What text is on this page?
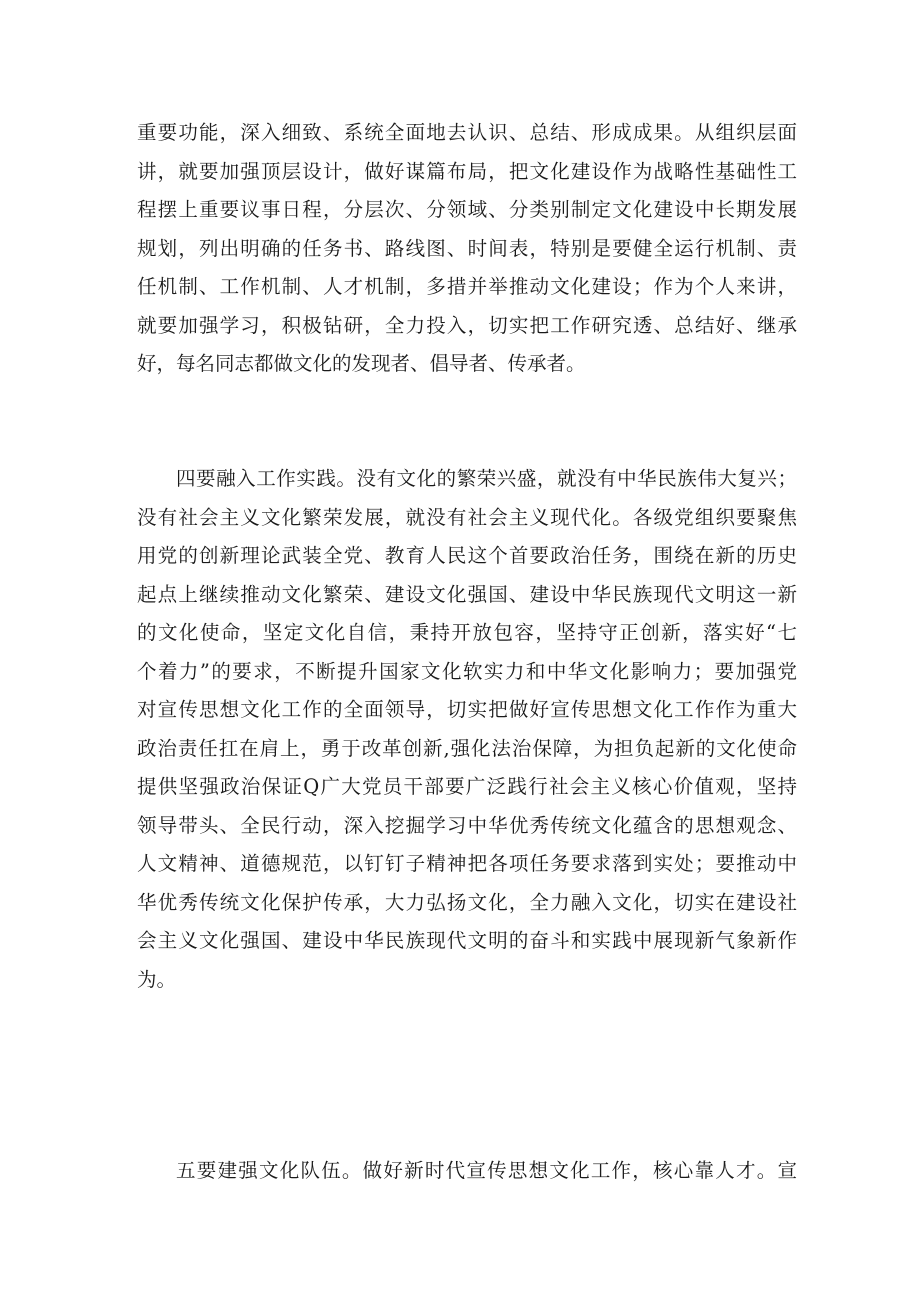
重要功能，深入细致、系统全面地去认识、总结、形成成果。从组织层面
讲，就要加强顶层设计，做好谋篇布局，把文化建设作为战略性基础性工
程摆上重要议事日程，分层次、分领域、分类别制定文化建设中长期发展
规划，列出明确的任务书、路线图、时间表，特别是要健全运行机制、责
任机制、工作机制、人才机制，多措并举推动文化建设；作为个人来讲，
就要加强学习，积极钻研，全力投入，切实把工作研究透、总结好、继承
好，每名同志都做文化的发现者、倡导者、传承者。
四要融入工作实践。没有文化的繁荣兴盛，就没有中华民族伟大复兴；
没有社会主义文化繁荣发展，就没有社会主义现代化。各级党组织要聚焦
用党的创新理论武装全党、教育人民这个首要政治任务，围绕在新的历史
起点上继续推动文化繁荣、建设文化强国、建设中华民族现代文明这一新
的文化使命，坚定文化自信，秉持开放包容，坚持守正创新，落实好“七
个着力”的要求，不断提升国家文化软实力和中华文化影响力；要加强党
对宣传思想文化工作的全面领导，切实把做好宣传思想文化工作作为重大
政治责任扛在肩上，勇于改革创新,强化法治保障，为担负起新的文化使命
提供坚强政治保证Q广大党员干部要广泛践行社会主义核心价值观，坚持
领导带头、全民行动，深入挖掘学习中华优秀传统文化蕴含的思想观念、
人文精神、道德规范，以钉钉子精神把各项任务要求落到实处；要推动中
华优秀传统文化保护传承，大力弘扬文化，全力融入文化，切实在建设社
会主义文化强国、建设中华民族现代文明的奋斗和实践中展现新气象新作
为。
五要建强文化队伍。做好新时代宣传思想文化工作，核心靠人才。宣
